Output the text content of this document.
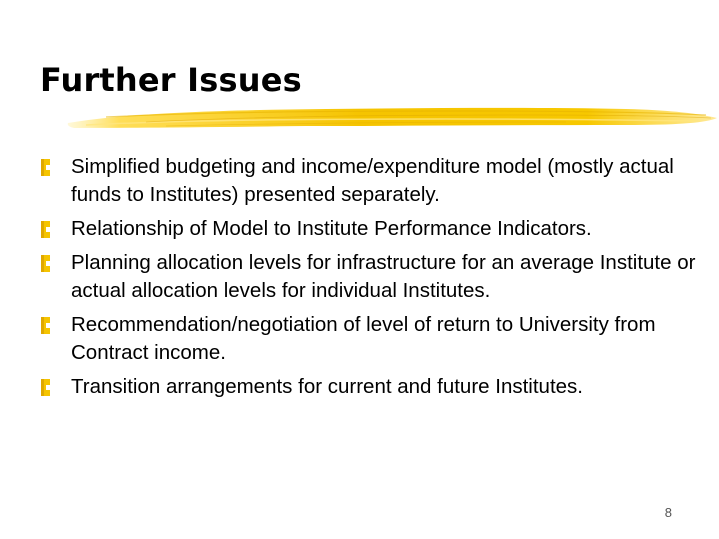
Further Issues
Simplified budgeting and income/expenditure model (mostly actual funds to Institutes) presented separately.
Relationship of Model to Institute Performance Indicators.
Planning allocation levels for infrastructure for an average Institute or actual allocation levels for individual Institutes.
Recommendation/negotiation of level of return to University from Contract income.
Transition arrangements for current and future Institutes.
8
